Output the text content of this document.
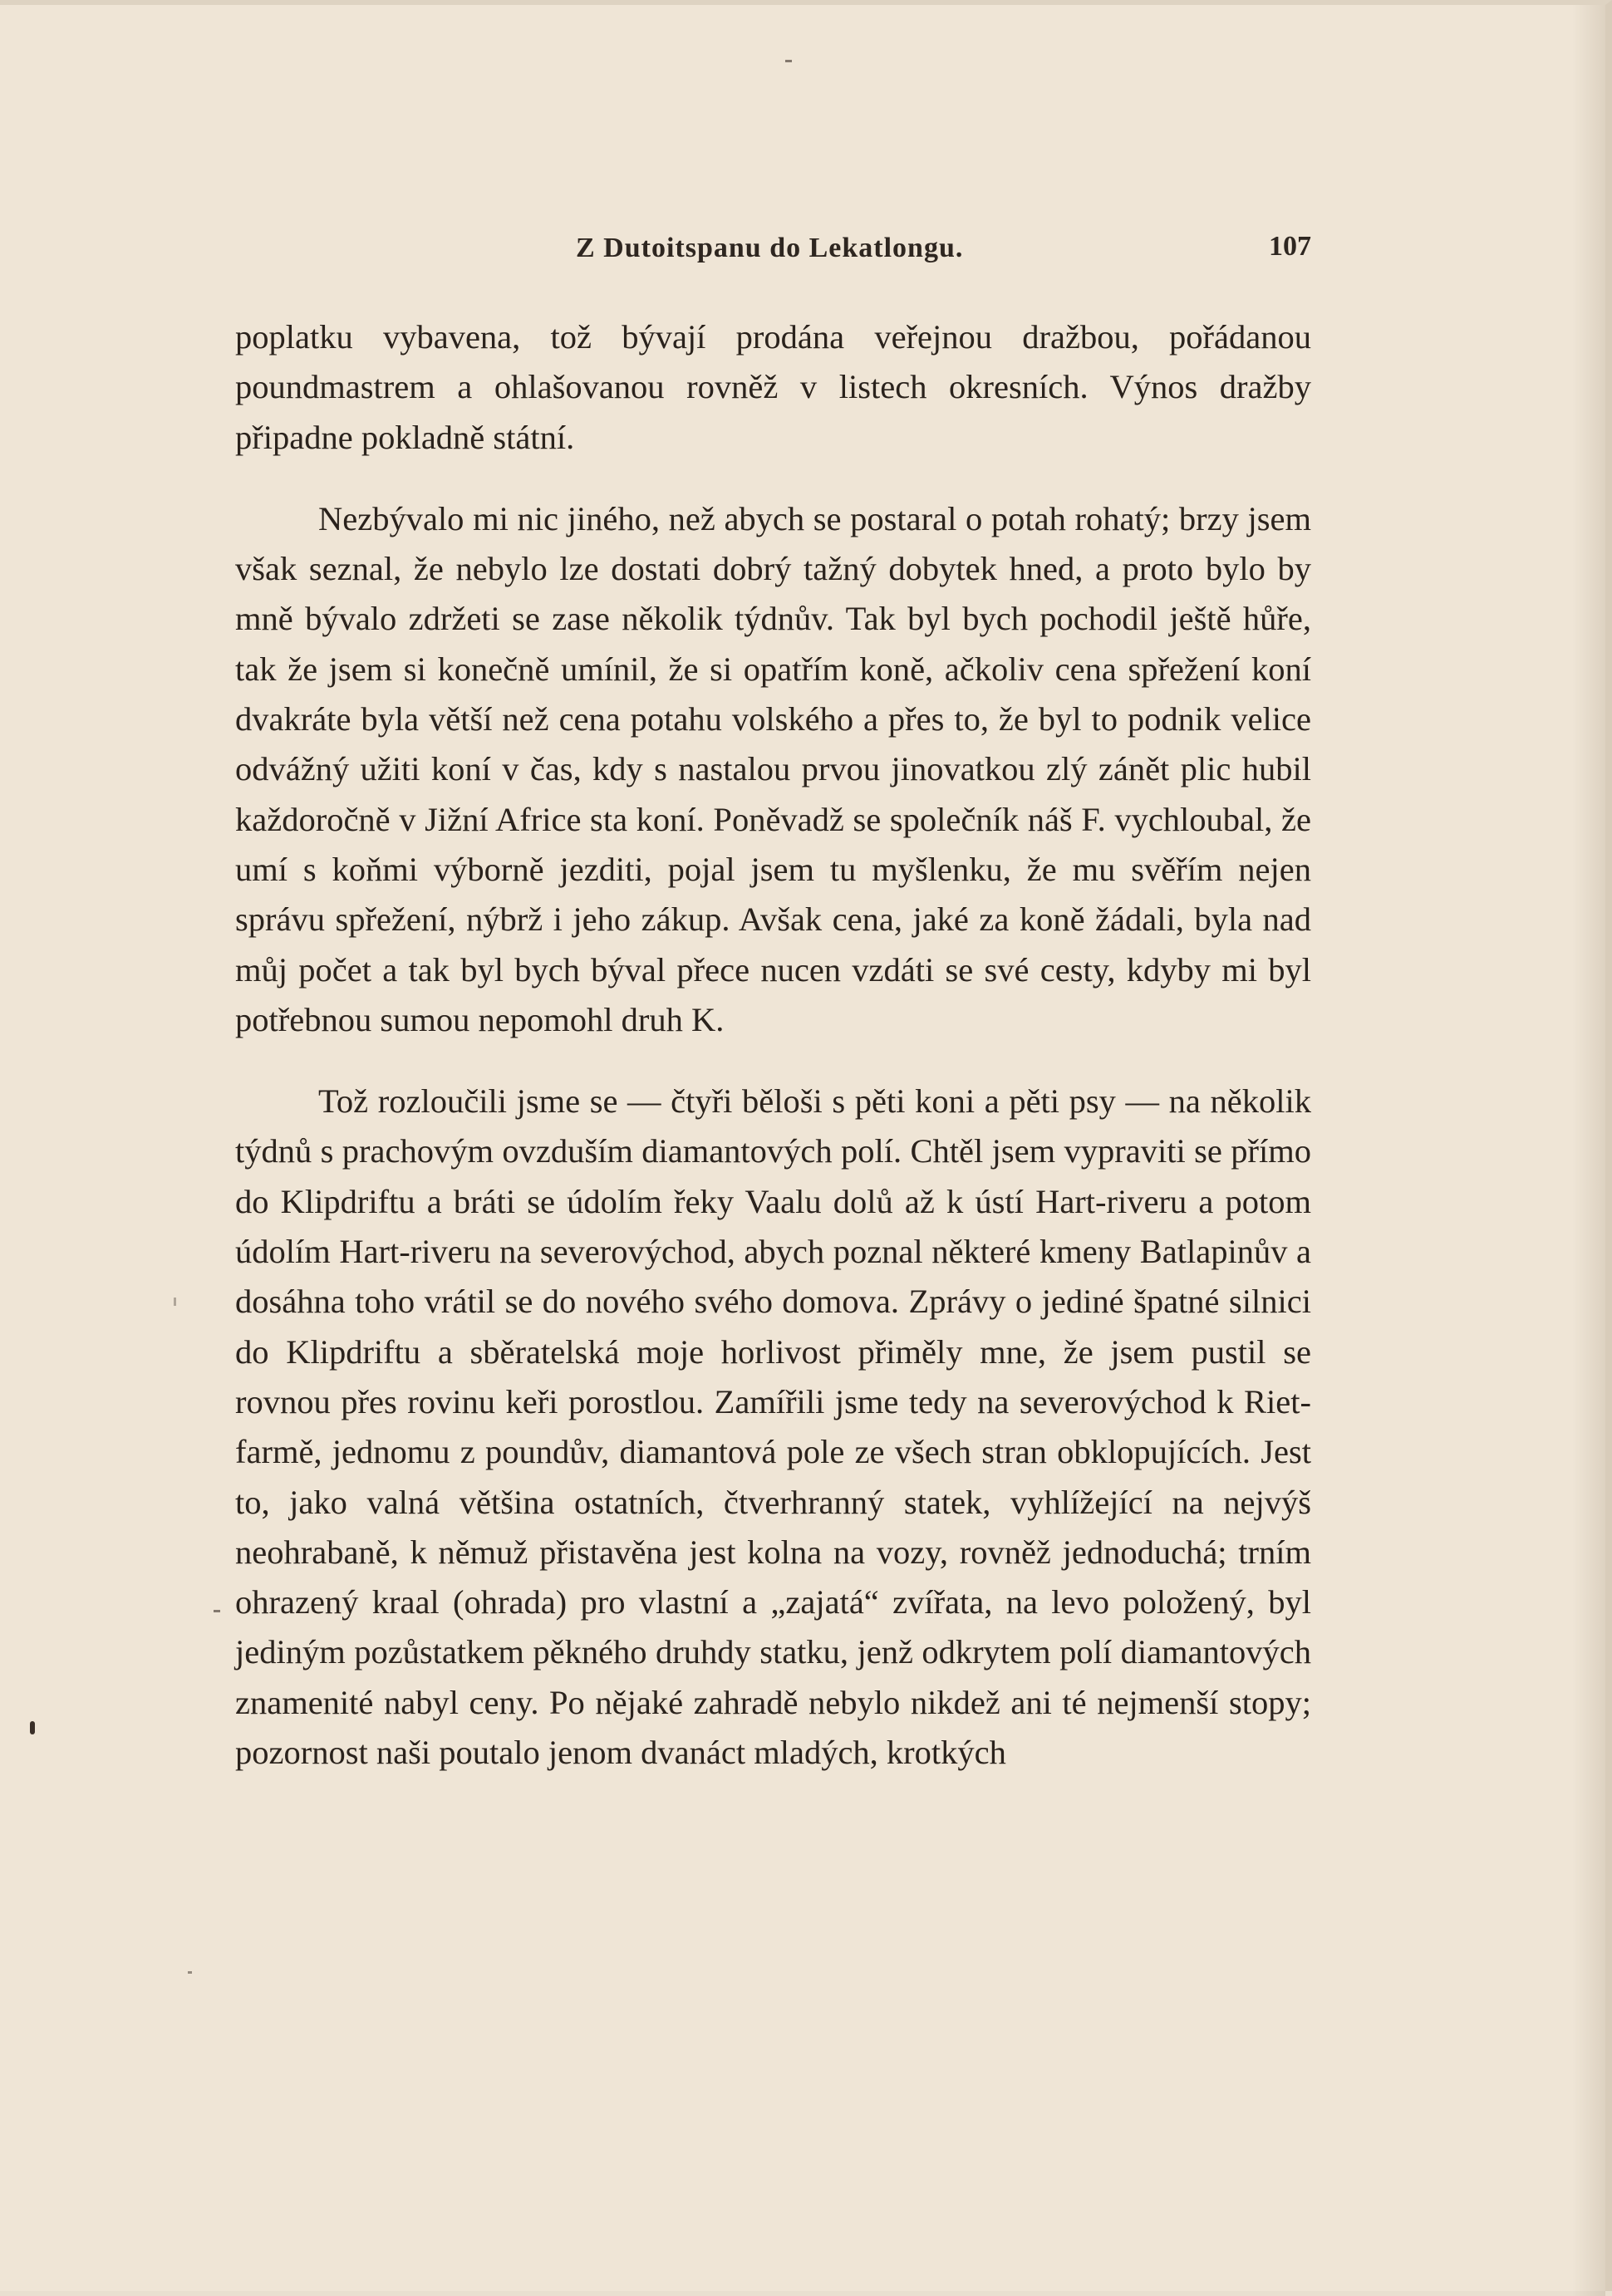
Z Dutoitspanu do Lekatlongu.	107

poplatku vybavena, tož bývají prodána veřejnou dražbou, pořádanou poundmastrem a ohlašovanou rovněž v listech okresních. Výnos dražby připadne pokladně státní.

Nezbývalo mi nic jiného, než abych se postaral o potah rohatý; brzy jsem však seznal, že nebylo lze dostati dobrý tažný dobytek hned, a proto bylo by mně bývalo zdržeti se zase několik týdnův. Tak byl bych pochodil ještě hůře, tak že jsem si konečně umínil, že si opatřím koně, ačkoliv cena spřežení koní dvakráte byla větší než cena potahu volského a přes to, že byl to podnik velice odvážný užiti koní v čas, kdy s nastalou prvou jinovatkou zlý zánět plic hubil každoročně v Jižní Africe sta koní. Poněvadž se společník náš F. vychloubal, že umí s koňmi výborně jezditi, pojal jsem tu myšlenku, že mu svěřím nejen správu spřežení, nýbrž i jeho zákup. Avšak cena, jaké za koně žádali, byla nad můj počet a tak byl bych býval přece nucen vzdáti se své cesty, kdyby mi byl potřebnou sumou nepomohl druh K.

Tož rozloučili jsme se — čtyři běloši s pěti koni a pěti psy — na několik týdnů s prachovým ovzduším diamantových polí. Chtěl jsem vypraviti se přímo do Klipdriftu a bráti se údolím řeky Vaalu dolů až k ústí Hart-riveru a potom údolím Hart-riveru na severovýchod, abych poznal některé kmeny Batlapinův a dosáhna toho vrátil se do nového svého domova. Zprávy o jediné špatné silnici do Klipdriftu a sběratelská moje horlivost přiměly mne, že jsem pustil se rovnou přes rovinu keři porostlou. Zamířili jsme tedy na severovýchod k Riet-farmě, jednomu z poundův, diamantová pole ze všech stran obklopujících. Jest to, jako valná většina ostatních, čtverhranný statek, vyhlížející na nejvýš neohrabaně, k němuž přistavěna jest kolna na vozy, rovněž jednoduchá; trním ohrazený kraal (ohrada) pro vlastní a „zajatá“ zvířata, na levo položený, byl jediným pozůstatkem pěkného druhdy statku, jenž odkrytem polí diamantových znamenité nabyl ceny. Po nějaké zahradě nebylo nikdež ani té nejmenší stopy; pozornost naši poutalo jenom dvanáct mladých, krotkých
